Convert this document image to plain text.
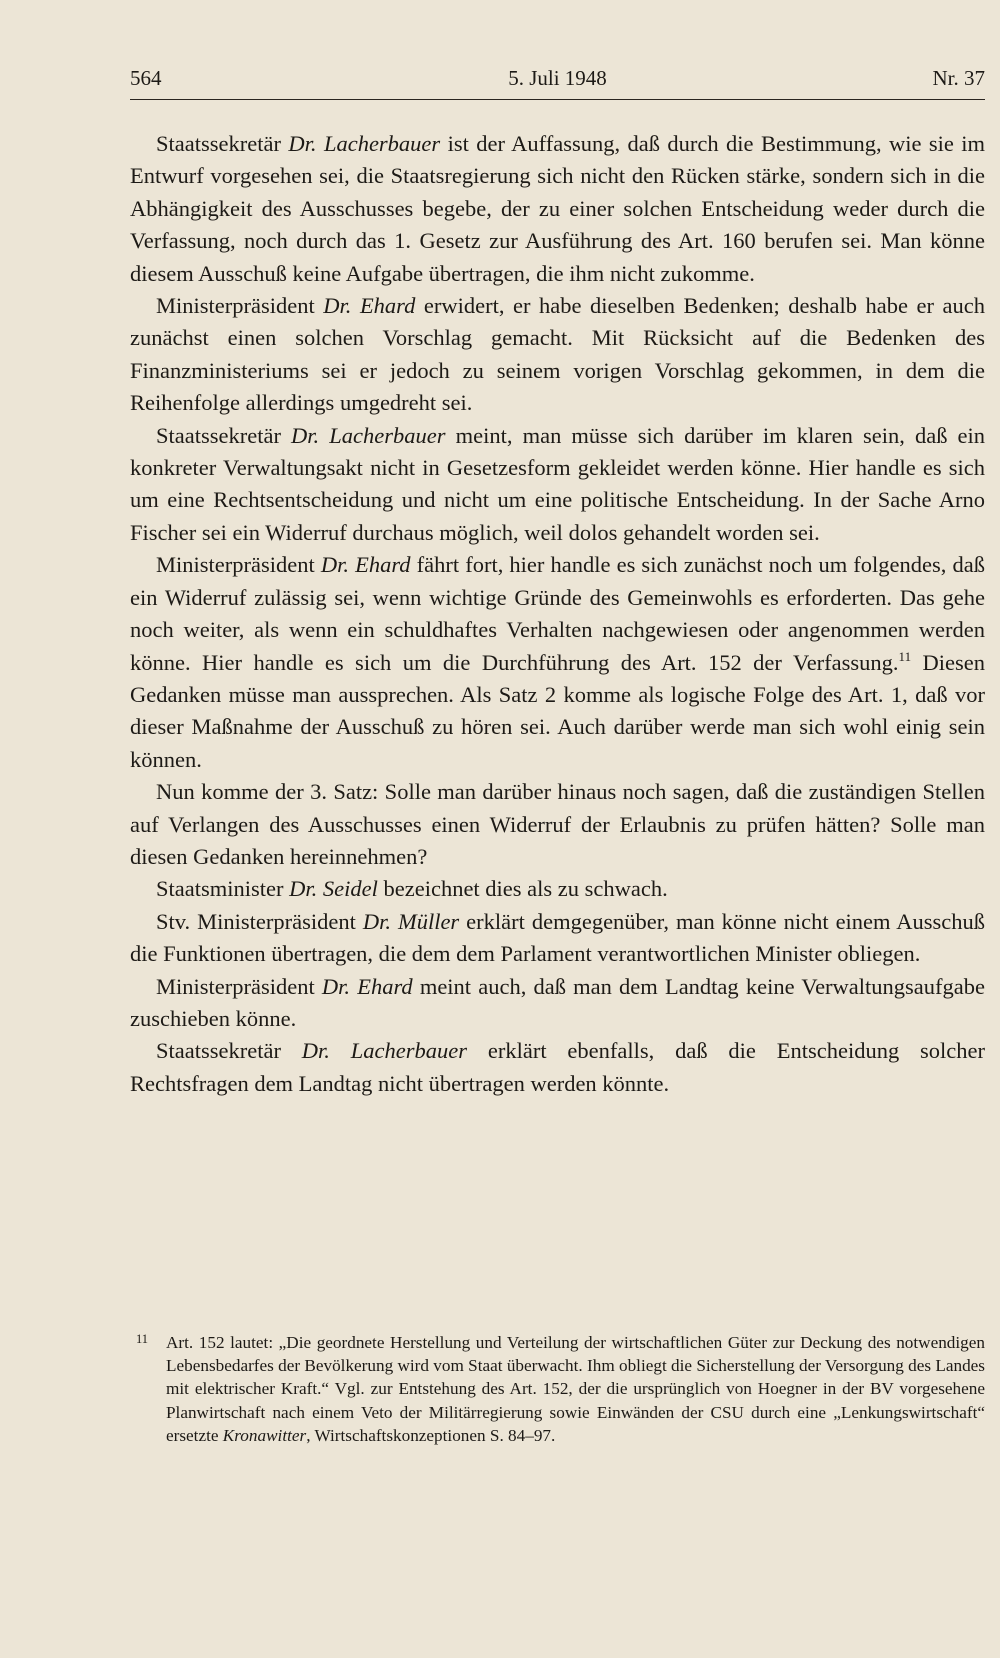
564	5. Juli 1948	Nr. 37

Staatssekretär Dr. Lacherbauer ist der Auffassung, daß durch die Bestimmung, wie sie im Entwurf vorgesehen sei, die Staatsregierung sich nicht den Rücken stärke, sondern sich in die Abhängigkeit des Ausschusses begebe, der zu einer solchen Entscheidung weder durch die Verfassung, noch durch das 1. Gesetz zur Ausführung des Art. 160 berufen sei. Man könne diesem Ausschuß keine Aufgabe übertragen, die ihm nicht zukomme.

Ministerpräsident Dr. Ehard erwidert, er habe dieselben Bedenken; deshalb habe er auch zunächst einen solchen Vorschlag gemacht. Mit Rücksicht auf die Bedenken des Finanzministeriums sei er jedoch zu seinem vorigen Vorschlag gekommen, in dem die Reihenfolge allerdings umgedreht sei.

Staatssekretär Dr. Lacherbauer meint, man müsse sich darüber im klaren sein, daß ein konkreter Verwaltungsakt nicht in Gesetzesform gekleidet werden könne. Hier handle es sich um eine Rechtsentscheidung und nicht um eine politische Entscheidung. In der Sache Arno Fischer sei ein Widerruf durchaus möglich, weil dolos gehandelt worden sei.

Ministerpräsident Dr. Ehard fährt fort, hier handle es sich zunächst noch um folgendes, daß ein Widerruf zulässig sei, wenn wichtige Gründe des Gemeinwohls es erforderten. Das gehe noch weiter, als wenn ein schuldhaftes Verhalten nachgewiesen oder angenommen werden könne. Hier handle es sich um die Durchführung des Art. 152 der Verfassung.$^{11}$ Diesen Gedanken müsse man aussprechen. Als Satz 2 komme als logische Folge des Art. 1, daß vor dieser Maßnahme der Ausschuß zu hören sei. Auch darüber werde man sich wohl einig sein können.

Nun komme der 3. Satz: Solle man darüber hinaus noch sagen, daß die zuständigen Stellen auf Verlangen des Ausschusses einen Widerruf der Erlaubnis zu prüfen hätten? Solle man diesen Gedanken hereinnehmen?

Staatsminister Dr. Seidel bezeichnet dies als zu schwach.

Stv. Ministerpräsident Dr. Müller erklärt demgegenüber, man könne nicht einem Ausschuß die Funktionen übertragen, die dem dem Parlament verantwortlichen Minister obliegen.

Ministerpräsident Dr. Ehard meint auch, daß man dem Landtag keine Verwaltungsaufgabe zuschieben könne.

Staatssekretär Dr. Lacherbauer erklärt ebenfalls, daß die Entscheidung solcher Rechtsfragen dem Landtag nicht übertragen werden könnte.

11 Art. 152 lautet: „Die geordnete Herstellung und Verteilung der wirtschaftlichen Güter zur Deckung des notwendigen Lebensbedarfes der Bevölkerung wird vom Staat überwacht. Ihm obliegt die Sicherstellung der Versorgung des Landes mit elektrischer Kraft.“ Vgl. zur Entstehung des Art. 152, der die ursprünglich von Hoegner in der BV vorgesehene Planwirtschaft nach einem Veto der Militärregierung sowie Einwänden der CSU durch eine „Lenkungswirtschaft“ ersetzte Kronawitter, Wirtschaftskonzeptionen S. 84–97.
